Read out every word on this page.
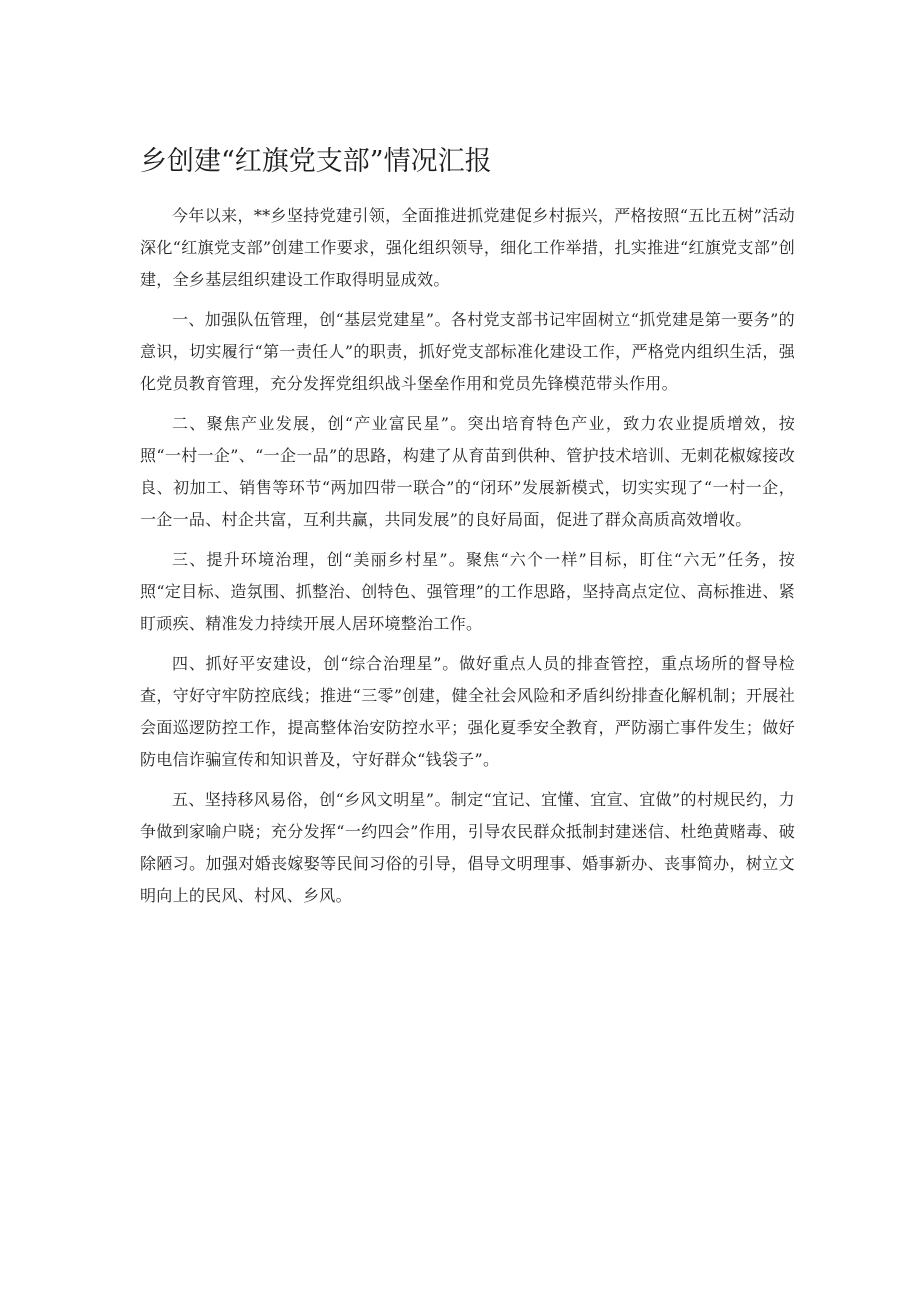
乡创建“红旗党支部”情况汇报

今年以来，**乡坚持党建引领，全面推进抓党建促乡村振兴，严格按照“五比五树”活动深化“红旗党支部”创建工作要求，强化组织领导，细化工作举措，扎实推进“红旗党支部”创建，全乡基层组织建设工作取得明显成效。

一、加强队伍管理，创“基层党建星”。各村党支部书记牢固树立“抓党建是第一要务”的意识，切实履行“第一责任人”的职责，抓好党支部标准化建设工作，严格党内组织生活，强化党员教育管理，充分发挥党组织战斗堡垒作用和党员先锋模范带头作用。

二、聚焦产业发展，创“产业富民星”。突出培育特色产业，致力农业提质增效，按照“一村一企”、“一企一品”的思路，构建了从育苗到供种、管护技术培训、无刺花椒嫁接改良、初加工、销售等环节“两加四带一联合”的“闭环”发展新模式，切实实现了“一村一企，一企一品、村企共富，互利共赢，共同发展”的良好局面，促进了群众高质高效增收。

三、提升环境治理，创“美丽乡村星”。聚焦“六个一样”目标，盯住“六无”任务，按照“定目标、造氛围、抓整治、创特色、强管理”的工作思路，坚持高点定位、高标推进、紧盯顽疾、精准发力持续开展人居环境整治工作。

四、抓好平安建设，创“综合治理星”。做好重点人员的排查管控，重点场所的督导检查，守好守牢防控底线；推进“三零”创建，健全社会风险和矛盾纠纷排查化解机制；开展社会面巡逻防控工作，提高整体治安防控水平；强化夏季安全教育，严防溺亡事件发生；做好防电信诈骗宣传和知识普及，守好群众“钱袋子”。

五、坚持移风易俗，创“乡风文明星”。制定“宜记、宜懂、宜宣、宜做”的村规民约，力争做到家喻户晓；充分发挥“一约四会”作用，引导农民群众抵制封建迷信、杜绝黄赌毒、破除陋习。加强对婚丧嫁娶等民间习俗的引导，倡导文明理事、婚事新办、丧事简办，树立文明向上的民风、村风、乡风。
